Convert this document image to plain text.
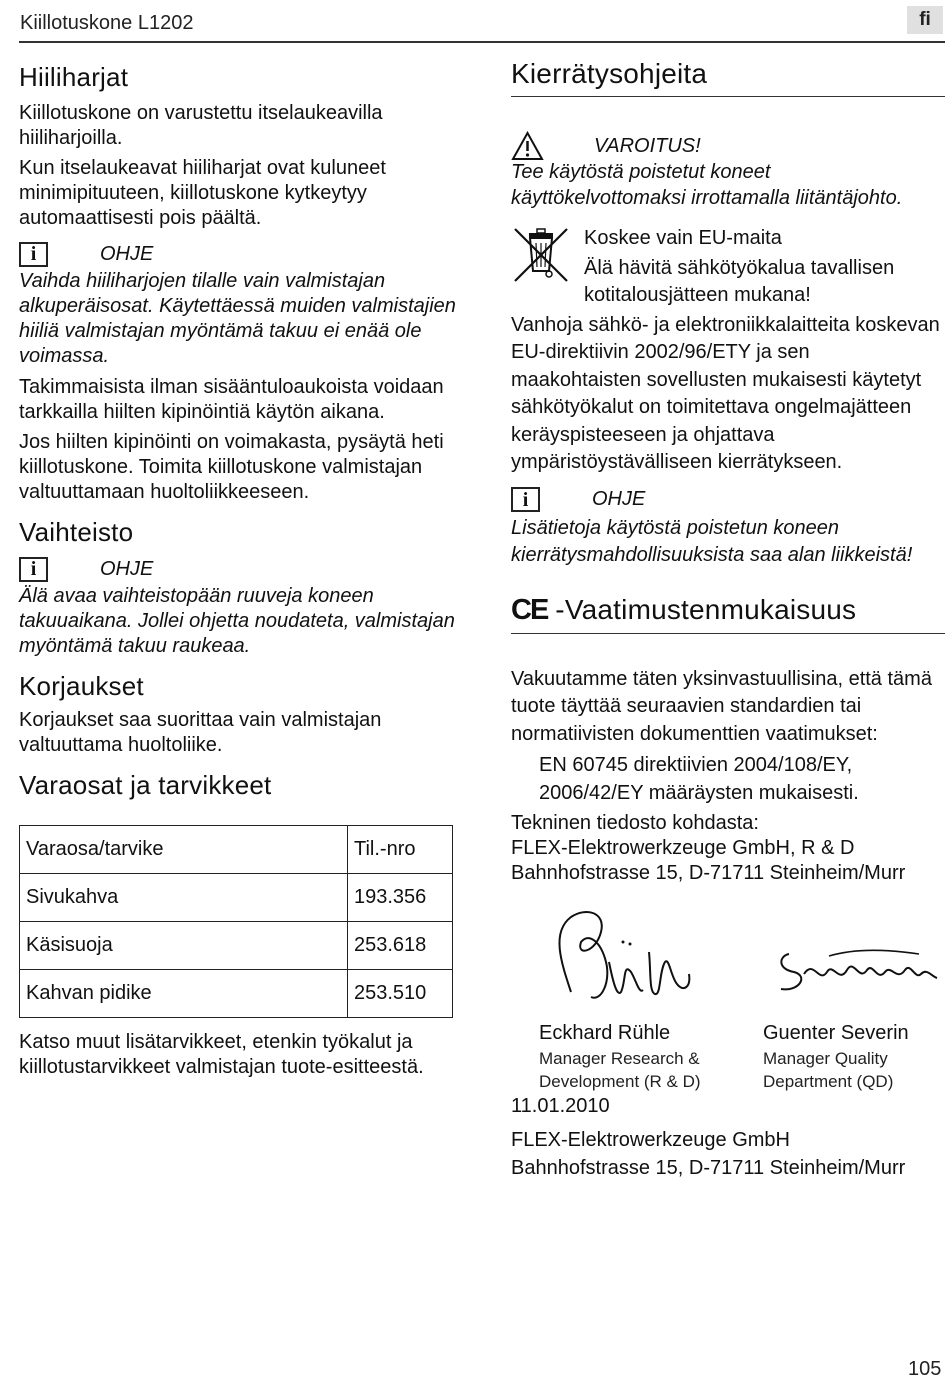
Kiillotuskone L1202	fi
Hiiliharjat

Kiillotuskone on varustettu itselaukeavilla hiiliharjoilla.

Kun itselaukeavat hiiliharjat ovat kuluneet minimipituuteen, kiillotuskone kytkeytyy automaattisesti pois päältä.

i	OHJE

Vaihda hiiliharjojen tilalle vain valmistajan alkuperäisosat. Käytettäessä muiden valmistajien hiiliä valmistajan myöntämä takuu ei enää ole voimassa.

Takimmaisista ilman sisääntuloaukoista voidaan tarkkailla hiilten kipinöintiä käytön aikana.

Jos hiilten kipinöinti on voimakasta, pysäytä heti kiillotuskone. Toimita kiillotuskone valmistajan valtuuttamaan huoltoliikkeeseen.

Vaihteisto
i	OHJE

Älä avaa vaihteistopään ruuveja koneen takuuaikana. Jollei ohjetta noudateta, valmistajan myöntämä takuu raukeaa.

Korjaukset

Korjaukset saa suorittaa vain valmistajan valtuuttama huoltoliike.

Varaosat ja tarvikkeet
Varaosa/tarvike	Til.-nro
Sivukahva	193.356
Käsisuoja	253.618
Kahvan pidike	253.510

Katso muut lisätarvikkeet, etenkin työkalut ja kiillotustarvikkeet valmistajan tuote-esitteestä.

Kierrätysohjeita
VAROITUS!

Tee käytöstä poistetut koneet käyttökelvottomaksi irrottamalla liitäntäjohto.

Koskee vain EU-maita

Älä hävitä sähkötyökalua tavallisen kotitalousjätteen mukana!

Vanhoja sähkö- ja elektroniikkalaitteita koskevan EU-direktiivin 2002/96/ETY ja sen maakohtaisten sovellusten mukaisesti käytetyt sähkötyökalut on toimitettava ongelmajätteen keräyspisteeseen ja ohjattava ympäristöystävälliseen kierrätykseen.

i	OHJE

Lisätietoja käytöstä poistetun koneen kierrätysmahdollisuuksista saa alan liikkeistä!

CE -Vaatimustenmukaisuus

Vakuutamme täten yksinvastuullisina, että tämä tuote täyttää seuraavien standardien tai normatiivisten dokumenttien vaatimukset:

EN 60745 direktiivien 2004/108/EY, 2006/42/EY määräysten mukaisesti.

Tekninen tiedosto kohdasta:

FLEX-Elektrowerkzeuge GmbH, R & D

Bahnhofstrasse 15, D-71711 Steinheim/Murr

Eckhard Rühle
Manager Research &
Development (R & D)
Guenter Severin
Manager Quality
Department (QD)

11.01.2010

FLEX-Elektrowerkzeuge GmbH

Bahnhofstrasse 15, D-71711 Steinheim/Murr

105
